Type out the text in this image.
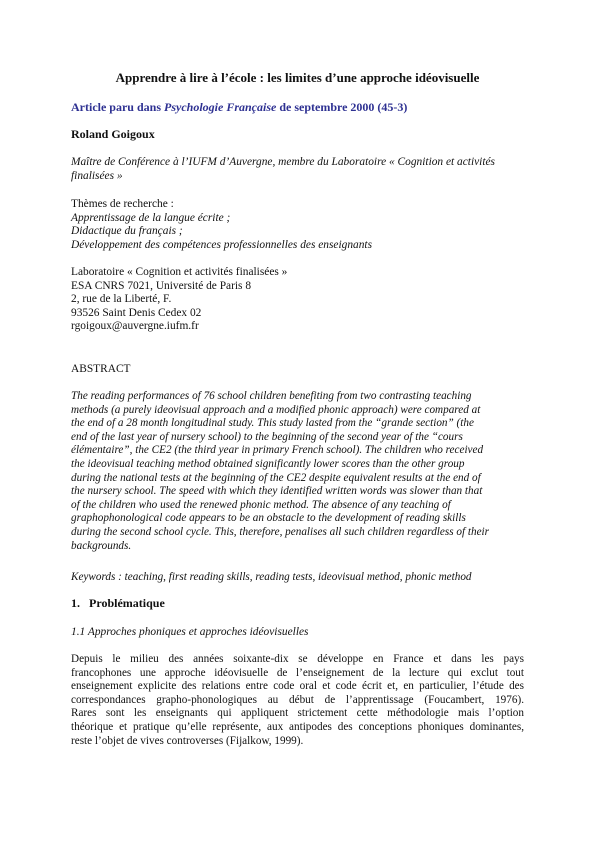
Apprendre à lire à l’école : les limites d’une approche idéovisuelle

Article paru dans Psychologie Française de septembre 2000 (45-3)

Roland Goigoux

Maître de Conférence à l’IUFM d’Auvergne, membre du Laboratoire « Cognition et activités
finalisées »
Thèmes de recherche :
Apprentissage de la langue écrite ;
Didactique du français ;
Développement des compétences professionnelles des enseignants
Laboratoire « Cognition et activités finalisées »
ESA CNRS 7021, Université de Paris 8
2, rue de la Liberté, F.
93526 Saint Denis Cedex 02
rgoigoux@auvergne.iufm.fr

ABSTRACT

The reading performances of 76 school children benefiting from two contrasting teaching
methods (a purely ideovisual approach and a modified phonic approach) were compared at
the end of a 28 month longitudinal study. This study lasted from the “grande section” (the
end of the last year of nursery school) to the beginning of the second year of the “cours
élémentaire”, the CE2 (the third year in primary French school). The children who received
the ideovisual teaching method obtained significantly lower scores than the other group
during the national tests at the beginning of the CE2 despite equivalent results at the end of
the nursery school. The speed with which they identified written words was slower than that
of the children who used the renewed phonic method. The absence of any teaching of
graphophonological code appears to be an obstacle to the development of reading skills
during the second school cycle. This, therefore, penalises all such children regardless of their
backgrounds.

Keywords : teaching, first reading skills, reading tests, ideovisual method, phonic method

1. Problématique

1.1 Approches phoniques et approches idéovisuelles

Depuis le milieu des années soixante-dix se développe en France et dans les pays
francophones une approche idéovisuelle de l’enseignement de la lecture qui exclut tout
enseignement explicite des relations entre code oral et code écrit et, en particulier, l’étude des
correspondances grapho-phonologiques au début de l’apprentissage (Foucambert, 1976).
Rares sont les enseignants qui appliquent strictement cette méthodologie mais l’option
théorique et pratique qu’elle représente, aux antipodes des conceptions phoniques dominantes,
reste l’objet de vives controverses (Fijalkow, 1999).
